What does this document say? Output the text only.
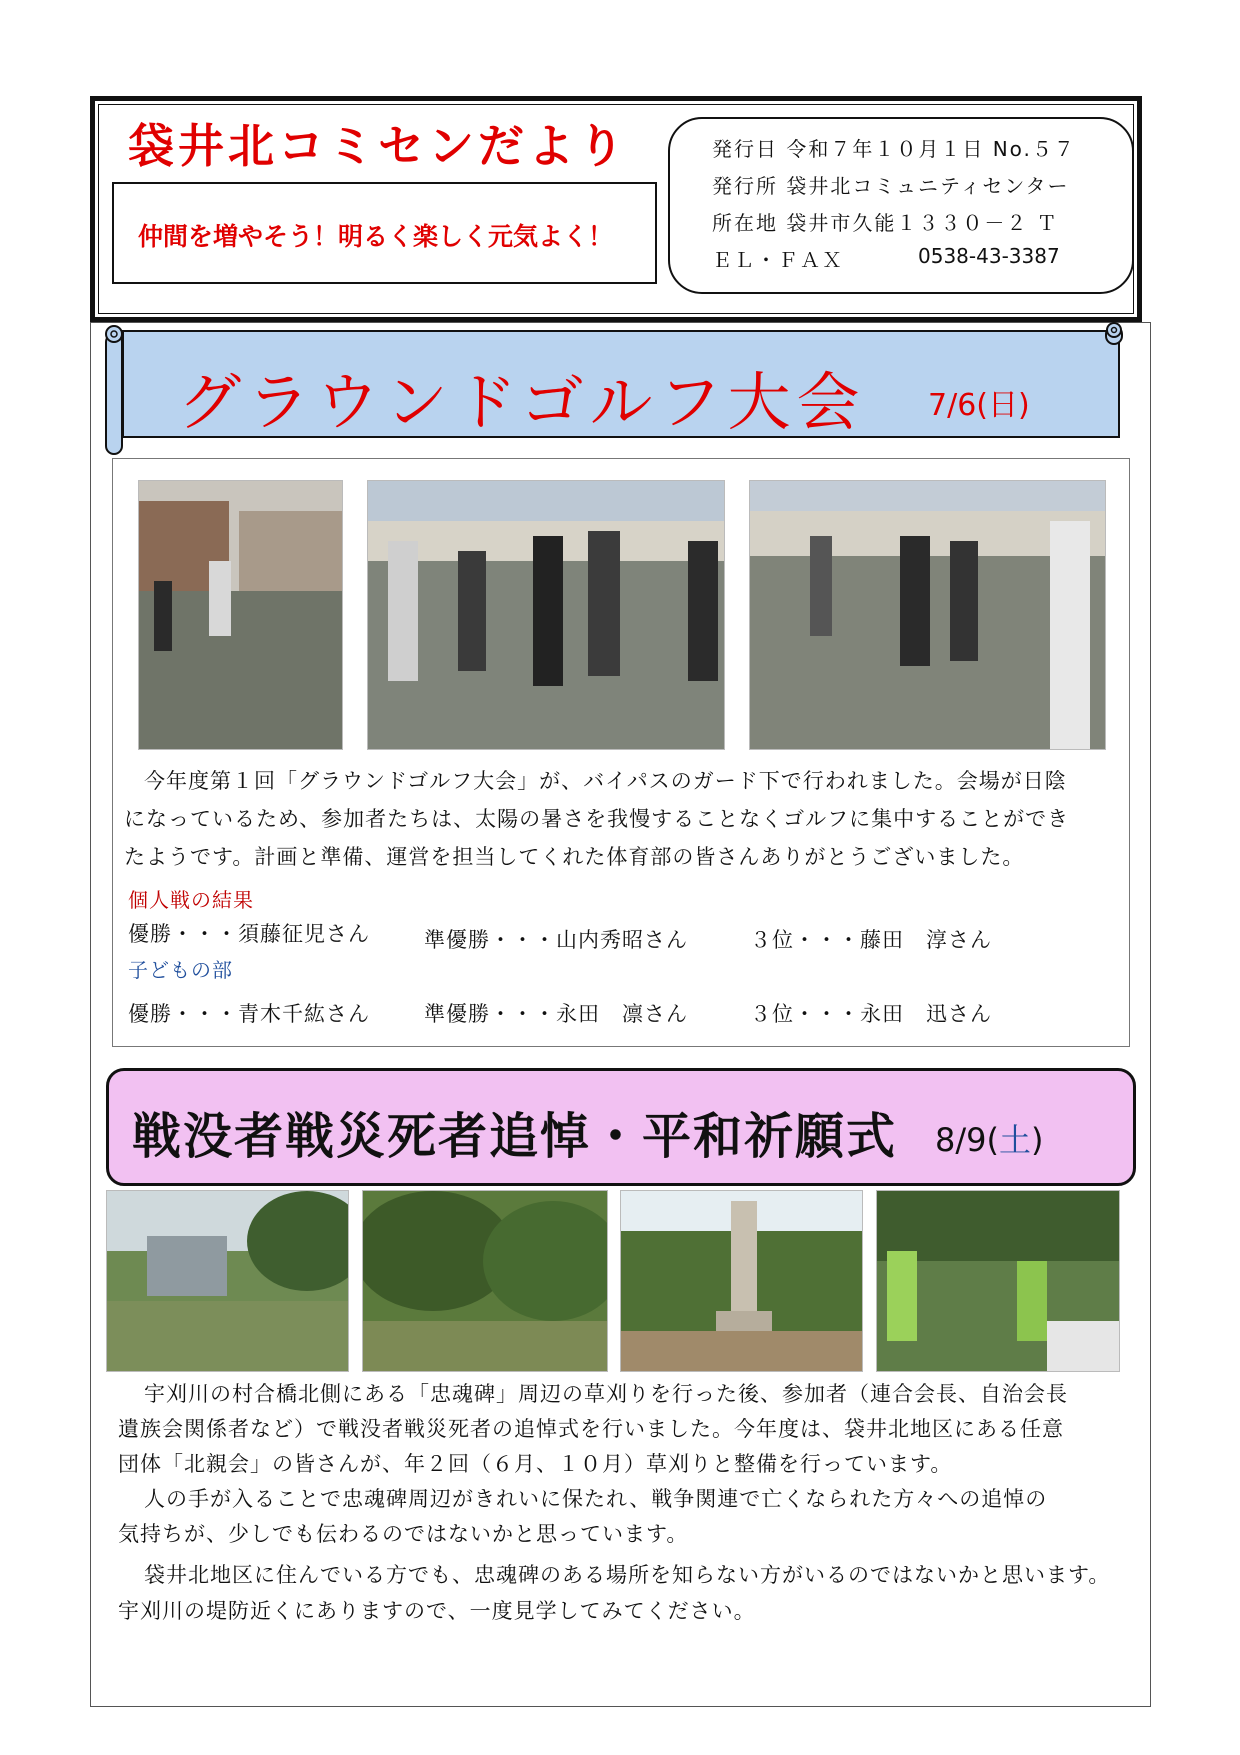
袋井北コミセンだより
仲間を増やそう！明るく楽しく元気よく！
発行日 令和７年１０月１日 No.５７
発行所 袋井北コミュニティセンター
所在地 袋井市久能１３３０－２ Ｔ
ＥＬ・ＦＡＸ	0538-43-3387
グラウンドゴルフ大会 7/6(日)
今年度第１回「グラウンドゴルフ大会」が、バイパスのガード下で行われました。会場が日陰
になっているため、参加者たちは、太陽の暑さを我慢することなくゴルフに集中することができ
たようです。計画と準備、運営を担当してくれた体育部の皆さんありがとうございました。
個人戦の結果
優勝・・・須藤征児さん	準優勝・・・山内秀昭さん	３位・・・藤田　淳さん
子どもの部
優勝・・・青木千紘さん	準優勝・・・永田　凛さん	３位・・・永田　迅さん
戦没者戦災死者追悼・平和祈願式 8/9(土)
宇刈川の村合橋北側にある「忠魂碑」周辺の草刈りを行った後、参加者（連合会長、自治会長
遺族会関係者など）で戦没者戦災死者の追悼式を行いました。今年度は、袋井北地区にある任意
団体「北親会」の皆さんが、年２回（６月、１０月）草刈りと整備を行っています。
人の手が入ることで忠魂碑周辺がきれいに保たれ、戦争関連で亡くなられた方々への追悼の
気持ちが、少しでも伝わるのではないかと思っています。
袋井北地区に住んでいる方でも、忠魂碑のある場所を知らない方がいるのではないかと思います。
宇刈川の堤防近くにありますので、一度見学してみてください。
